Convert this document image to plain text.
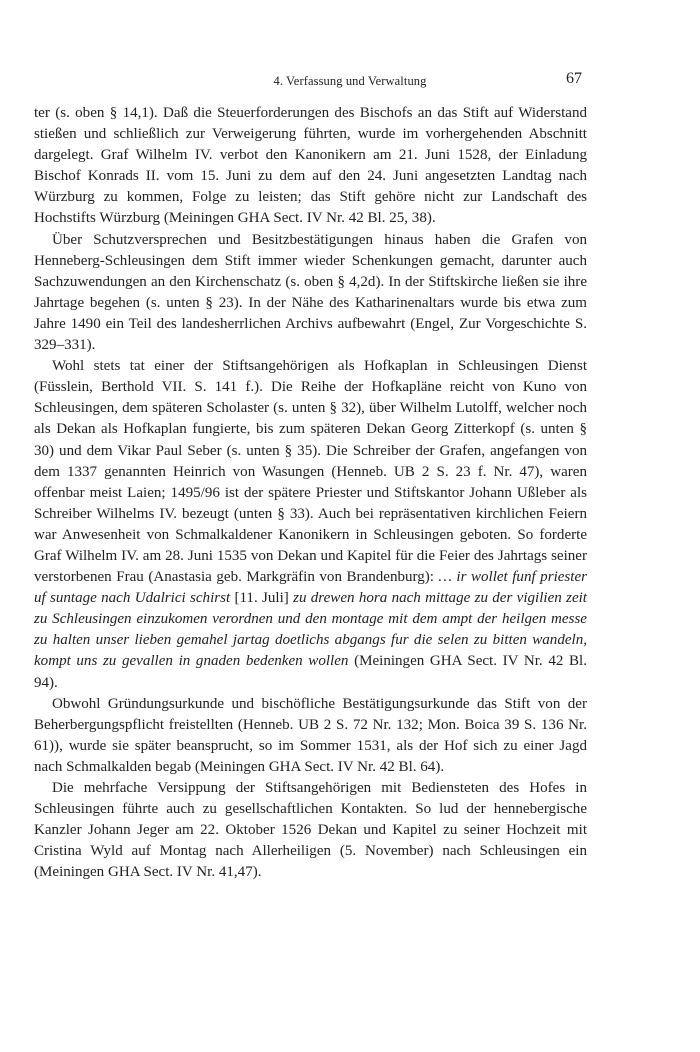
4. Verfassung und Verwaltung	67

ter (s. oben § 14,1). Daß die Steuerforderungen des Bischofs an das Stift auf Widerstand stießen und schließlich zur Verweigerung führten, wurde im vorhergehenden Abschnitt dargelegt. Graf Wilhelm IV. verbot den Kanonikern am 21. Juni 1528, der Einladung Bischof Konrads II. vom 15. Juni zu dem auf den 24. Juni angesetzten Landtag nach Würzburg zu kommen, Folge zu leisten; das Stift gehöre nicht zur Landschaft des Hochstifts Würzburg (Meiningen GHA Sect. IV Nr. 42 Bl. 25, 38).

Über Schutzversprechen und Besitzbestätigungen hinaus haben die Grafen von Henneberg-Schleusingen dem Stift immer wieder Schenkungen gemacht, darunter auch Sachzuwendungen an den Kirchenschatz (s. oben § 4,2d). In der Stiftskirche ließen sie ihre Jahrtage begehen (s. unten § 23). In der Nähe des Katharinenaltars wurde bis etwa zum Jahre 1490 ein Teil des landesherrlichen Archivs aufbewahrt (Engel, Zur Vorgeschichte S. 329–331).

Wohl stets tat einer der Stiftsangehörigen als Hofkaplan in Schleusingen Dienst (Füsslein, Berthold VII. S. 141 f.). Die Reihe der Hofkapläne reicht von Kuno von Schleusingen, dem späteren Scholaster (s. unten § 32), über Wilhelm Lutolff, welcher noch als Dekan als Hofkaplan fungierte, bis zum späteren Dekan Georg Zitterkopf (s. unten § 30) und dem Vikar Paul Seber (s. unten § 35). Die Schreiber der Grafen, angefangen von dem 1337 genannten Heinrich von Wasungen (Henneb. UB 2 S. 23 f. Nr. 47), waren offenbar meist Laien; 1495/96 ist der spätere Priester und Stiftskantor Johann Ußleber als Schreiber Wilhelms IV. bezeugt (unten § 33). Auch bei repräsentativen kirchlichen Feiern war Anwesenheit von Schmalkaldener Kanonikern in Schleusingen geboten. So forderte Graf Wilhelm IV. am 28. Juni 1535 von Dekan und Kapitel für die Feier des Jahrtags seiner verstorbenen Frau (Anastasia geb. Markgräfin von Brandenburg): … ir wollet funf priester uf suntage nach Udalrici schirst [11. Juli] zu drewen hora nach mittage zu der vigilien zeit zu Schleusingen einzukomen verordnen und den montage mit dem ampt der heilgen messe zu halten unser lieben gemahel jartag doetlichs abgangs fur die selen zu bitten wandeln, kompt uns zu gevallen in gnaden bedenken wollen (Meiningen GHA Sect. IV Nr. 42 Bl. 94).

Obwohl Gründungsurkunde und bischöfliche Bestätigungsurkunde das Stift von der Beherbergungspflicht freistellten (Henneb. UB 2 S. 72 Nr. 132; Mon. Boica 39 S. 136 Nr. 61)), wurde sie später beansprucht, so im Sommer 1531, als der Hof sich zu einer Jagd nach Schmalkalden begab (Meiningen GHA Sect. IV Nr. 42 Bl. 64).

Die mehrfache Versippung der Stiftsangehörigen mit Bediensteten des Hofes in Schleusingen führte auch zu gesellschaftlichen Kontakten. So lud der hennebergische Kanzler Johann Jeger am 22. Oktober 1526 Dekan und Kapitel zu seiner Hochzeit mit Cristina Wyld auf Montag nach Allerheiligen (5. November) nach Schleusingen ein (Meiningen GHA Sect. IV Nr. 41,47).
